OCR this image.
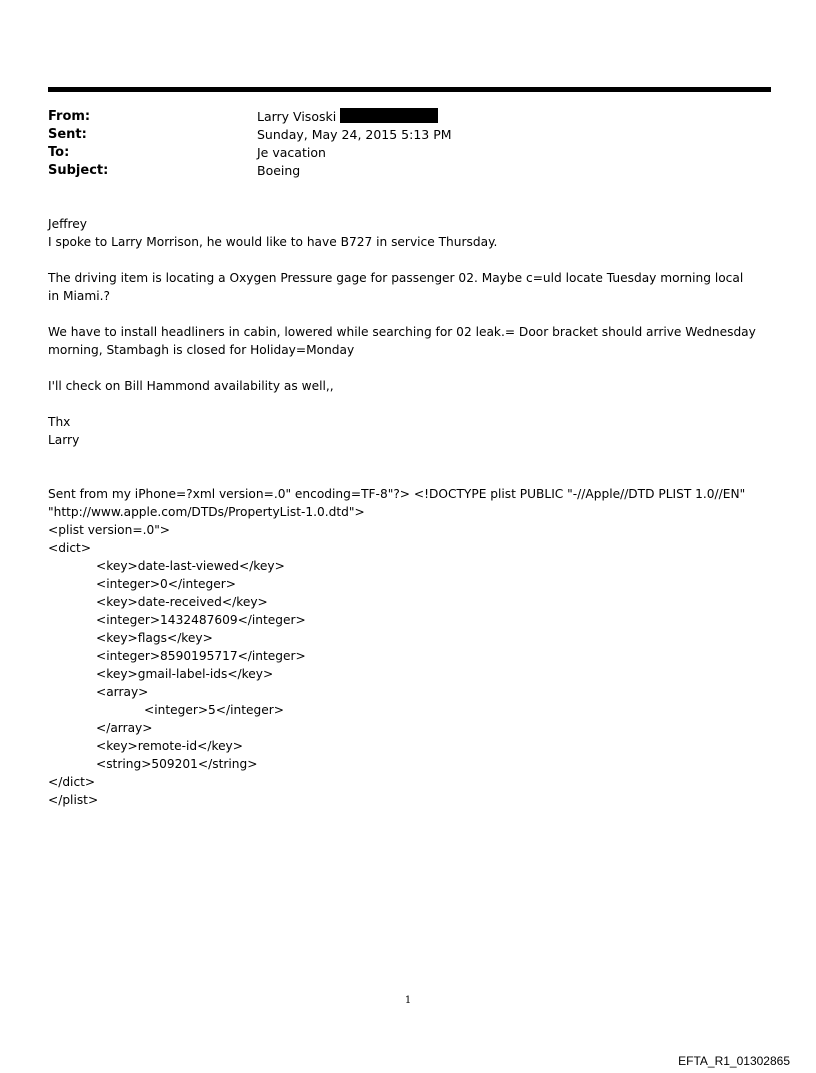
From:	Larry Visoski
Sent:	Sunday, May 24, 2015 5:13 PM
To:	Je vacation
Subject:	Boeing

Jeffrey

I spoke to Larry Morrison, he would like to have B727 in service Thursday.

The driving item is locating a Oxygen Pressure gage for passenger 02. Maybe c=uld locate Tuesday morning local in Miami.?

We have to install headliners in cabin, lowered while searching for 02 leak.= Door bracket should arrive Wednesday morning, Stambagh is closed for Holiday=Monday

I'll check on Bill Hammond availability as well,,

Thx

Larry

Sent from my iPhone=?xml version=.0" encoding=TF-8"?> <!DOCTYPE plist PUBLIC "-//Apple//DTD PLIST 1.0//EN" "http://www.apple.com/DTDs/PropertyList-1.0.dtd">

<plist version=.0">

<dict>

<key>date-last-viewed</key>

<integer>0</integer>

<key>date-received</key>

<integer>1432487609</integer>

<key>flags</key>

<integer>8590195717</integer>

<key>gmail-label-ids</key>

<array>

<integer>5</integer>

</array>

<key>remote-id</key>

<string>509201</string>

</dict>

</plist>

1
EFTA_R1_01302865
